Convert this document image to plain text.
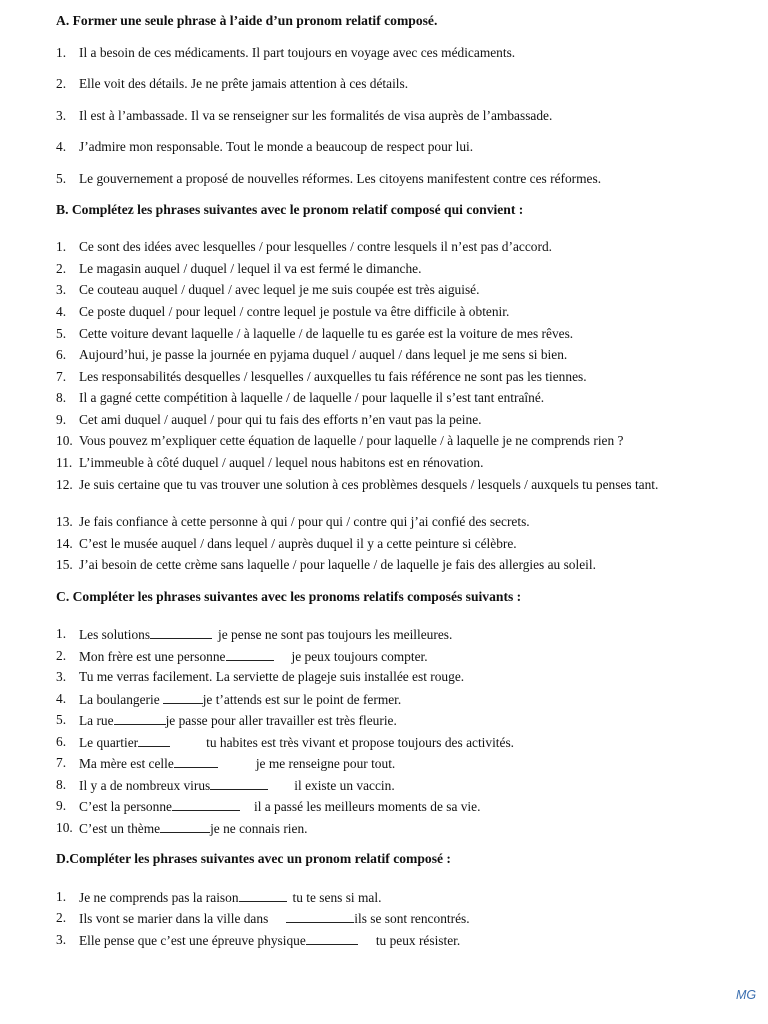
A. Former une seule phrase à l’aide d’un pronom relatif composé.
1. Il a besoin de ces médicaments. Il part toujours en voyage avec ces médicaments.
2. Elle voit des détails. Je ne prête jamais attention à ces détails.
3. Il est à l’ambassade. Il va se renseigner sur les formalités de visa auprès de l’ambassade.
4. J’admire mon responsable. Tout le monde a beaucoup de respect pour lui.
5. Le gouvernement a proposé de nouvelles réformes. Les citoyens manifestent contre ces réformes.
B. Complétez les phrases suivantes avec le pronom relatif composé qui convient :
1. Ce sont des idées avec lesquelles / pour lesquelles / contre lesquels il n’est pas d’accord.
2. Le magasin auquel / duquel / lequel il va est fermé le dimanche.
3. Ce couteau auquel / duquel / avec lequel je me suis coupée est très aiguisé.
4. Ce poste duquel / pour lequel / contre lequel je postule va être difficile à obtenir.
5. Cette voiture devant laquelle / à laquelle / de laquelle tu es garée est la voiture de mes rêves.
6. Aujourd’hui, je passe la journée en pyjama duquel / auquel / dans lequel je me sens si bien.
7. Les responsabilités desquelles / lesquelles / auxquelles tu fais référence ne sont pas les tiennes.
8. Il a gagné cette compétition à laquelle / de laquelle / pour laquelle il s’est tant entraîné.
9. Cet ami duquel / auquel / pour qui tu fais des efforts n’en vaut pas la peine.
10. Vous pouvez m’expliquer cette équation de laquelle / pour laquelle / à laquelle je ne comprends rien ?
11. L’immeuble à côté duquel / auquel / lequel nous habitons est en rénovation.
12. Je suis certaine que tu vas trouver une solution à ces problèmes desquels / lesquels / auxquels tu penses tant.
13. Je fais confiance à cette personne à qui / pour qui / contre qui j’ai confié des secrets.
14. C’est le musée auquel / dans lequel / auprès duquel il y a cette peinture si célèbre.
15. J’ai besoin de cette crème sans laquelle / pour laquelle / de laquelle je fais des allergies au soleil.
C. Compléter les phrases suivantes avec les pronoms relatifs composés suivants :
1. Les solutions	je pense ne sont pas toujours les meilleures.
2. Mon frère est une personne	je peux toujours compter.
3. Tu me verras facilement. La serviette de plageje suis installée est rouge.
4. La boulangerie	je t’attends est sur le point de fermer.
5. La rue	je passe pour aller travailler est très fleurie.
6. Le quartier	tu habites est très vivant et propose toujours des activités.
7. Ma mère est celle	je me renseigne pour tout.
8. Il y a de nombreux virus	il existe un vaccin.
9. C’est la personne	il a passé les meilleurs moments de sa vie.
10. C’est un thème	je ne connais rien.
D.Compléter les phrases suivantes avec un pronom relatif composé :
1. Je ne comprends pas la raison	tu te sens si mal.
2. Ils vont se marier dans la ville dans	ils se sont rencontrés.
3. Elle pense que c’est une épreuve physique	tu peux résister.
MG
